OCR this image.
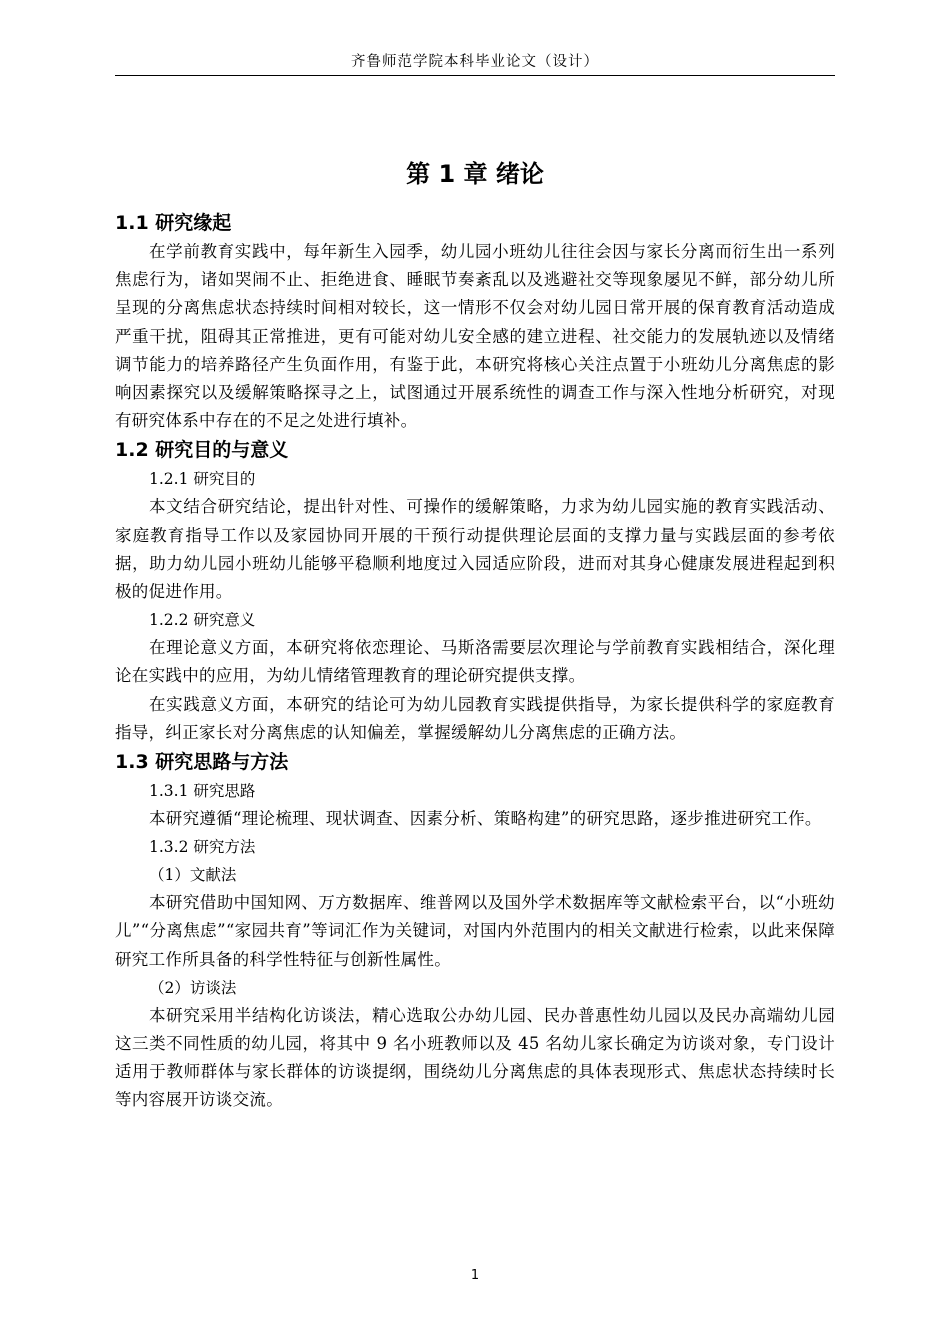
齐鲁师范学院本科毕业论文（设计）
第 1 章 绪论
1.1 研究缘起

在学前教育实践中，每年新生入园季，幼儿园小班幼儿往往会因与家长分离而衍生出一系列焦虑行为，诸如哭闹不止、拒绝进食、睡眠节奏紊乱以及逃避社交等现象屡见不鲜，部分幼儿所呈现的分离焦虑状态持续时间相对较长，这一情形不仅会对幼儿园日常开展的保育教育活动造成严重干扰，阻碍其正常推进，更有可能对幼儿安全感的建立进程、社交能力的发展轨迹以及情绪调节能力的培养路径产生负面作用，有鉴于此，本研究将核心关注点置于小班幼儿分离焦虑的影响因素探究以及缓解策略探寻之上，试图通过开展系统性的调查工作与深入性地分析研究，对现有研究体系中存在的不足之处进行填补。

1.2 研究目的与意义
1.2.1 研究目的

本文结合研究结论，提出针对性、可操作的缓解策略，力求为幼儿园实施的教育实践活动、家庭教育指导工作以及家园协同开展的干预行动提供理论层面的支撑力量与实践层面的参考依据，助力幼儿园小班幼儿能够平稳顺利地度过入园适应阶段，进而对其身心健康发展进程起到积极的促进作用。

1.2.2 研究意义

在理论意义方面，本研究将依恋理论、马斯洛需要层次理论与学前教育实践相结合，深化理论在实践中的应用，为幼儿情绪管理教育的理论研究提供支撑。

在实践意义方面，本研究的结论可为幼儿园教育实践提供指导，为家长提供科学的家庭教育指导，纠正家长对分离焦虑的认知偏差，掌握缓解幼儿分离焦虑的正确方法。

1.3 研究思路与方法
1.3.1 研究思路

本研究遵循“理论梳理、现状调查、因素分析、策略构建”的研究思路，逐步推进研究工作。

1.3.2 研究方法
（1）文献法

本研究借助中国知网、万方数据库、维普网以及国外学术数据库等文献检索平台，以“小班幼儿”“分离焦虑”“家园共育”等词汇作为关键词，对国内外范围内的相关文献进行检索，以此来保障研究工作所具备的科学性特征与创新性属性。

（2）访谈法

本研究采用半结构化访谈法，精心选取公办幼儿园、民办普惠性幼儿园以及民办高端幼儿园这三类不同性质的幼儿园，将其中 9 名小班教师以及 45 名幼儿家长确定为访谈对象，专门设计适用于教师群体与家长群体的访谈提纲，围绕幼儿分离焦虑的具体表现形式、焦虑状态持续时长等内容展开访谈交流。

1
